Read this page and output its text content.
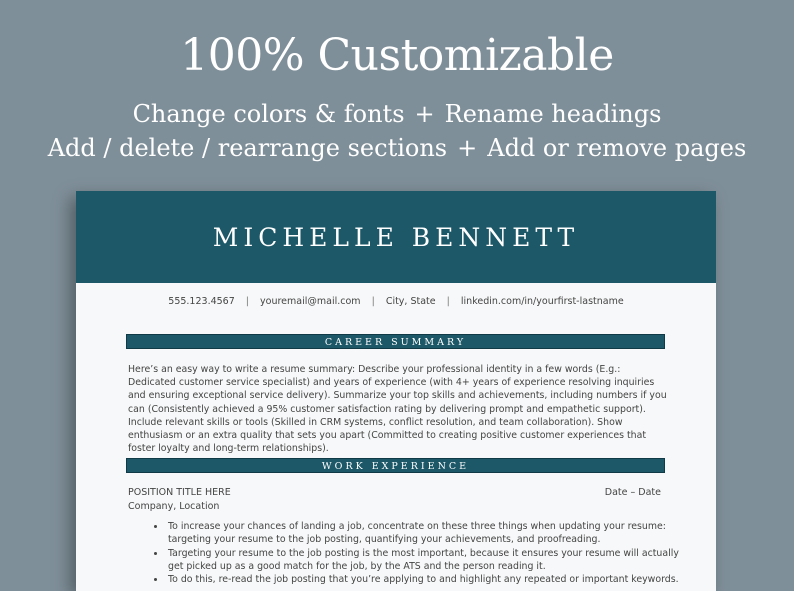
100% Customizable
Change colors & fonts + Rename headings
Add / delete / rearrange sections + Add or remove pages
MICHELLE BENNETT
555.123.4567 | youremail@mail.com | City, State | linkedin.com/in/yourfirst-lastname
CAREER SUMMARY
Here’s an easy way to write a resume summary: Describe your professional identity in a few words (E.g.: Dedicated customer service specialist) and years of experience (with 4+ years of experience resolving inquiries and ensuring exceptional service delivery). Summarize your top skills and achievements, including numbers if you can (Consistently achieved a 95% customer satisfaction rating by delivering prompt and empathetic support). Include relevant skills or tools (Skilled in CRM systems, conflict resolution, and team collaboration). Show enthusiasm or an extra quality that sets you apart (Committed to creating positive customer experiences that foster loyalty and long-term relationships).
WORK EXPERIENCE
POSITION TITLE HERE	Date – Date
Company, Location
• To increase your chances of landing a job, concentrate on these three things when updating your resume: targeting your resume to the job posting, quantifying your achievements, and proofreading.
• Targeting your resume to the job posting is the most important, because it ensures your resume will actually get picked up as a good match for the job, by the ATS and the person reading it.
• To do this, re-read the job posting that you’re applying to and highlight any repeated or important keywords.
